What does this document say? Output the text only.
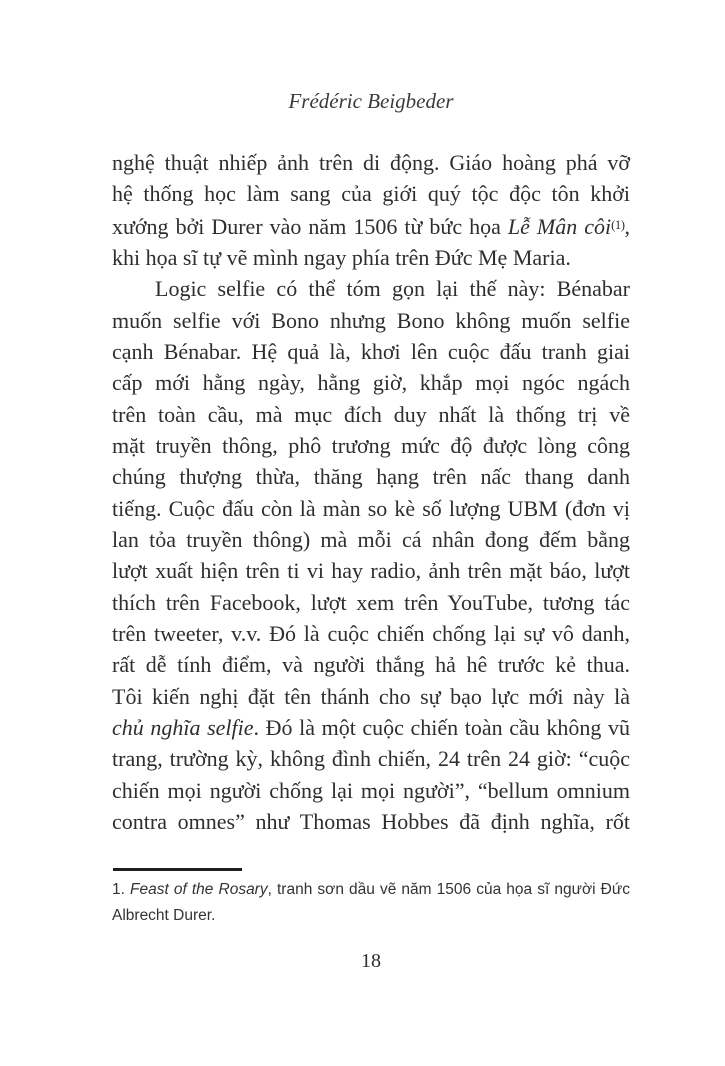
Frédéric Beigbeder
nghệ thuật nhiếp ảnh trên di động. Giáo hoàng phá vỡ
hệ thống học làm sang của giới quý tộc độc tôn khởi
xướng bởi Durer vào năm 1506 từ bức họa Lễ Mân côi$^{(1)}$,
khi họa sĩ tự vẽ mình ngay phía trên Đức Mẹ Maria.
Logic selfie có thể tóm gọn lại thế này: Bénabar
muốn selfie với Bono nhưng Bono không muốn selfie
cạnh Bénabar. Hệ quả là, khơi lên cuộc đấu tranh giai
cấp mới hằng ngày, hằng giờ, khắp mọi ngóc ngách
trên toàn cầu, mà mục đích duy nhất là thống trị về
mặt truyền thông, phô trương mức độ được lòng công
chúng thượng thừa, thăng hạng trên nấc thang danh
tiếng. Cuộc đấu còn là màn so kè số lượng UBM (đơn vị
lan tỏa truyền thông) mà mỗi cá nhân đong đếm bằng
lượt xuất hiện trên ti vi hay radio, ảnh trên mặt báo, lượt
thích trên Facebook, lượt xem trên YouTube, tương tác
trên tweeter, v.v. Đó là cuộc chiến chống lại sự vô danh,
rất dễ tính điểm, và người thắng hả hê trước kẻ thua.
Tôi kiến nghị đặt tên thánh cho sự bạo lực mới này là
chủ nghĩa selfie. Đó là một cuộc chiến toàn cầu không vũ
trang, trường kỳ, không đình chiến, 24 trên 24 giờ: “cuộc
chiến mọi người chống lại mọi người”, “bellum omnium
contra omnes” như Thomas Hobbes đã định nghĩa, rốt
1. Feast of the Rosary, tranh sơn dầu vẽ năm 1506 của họa sĩ người Đức
Albrecht Durer.
18
